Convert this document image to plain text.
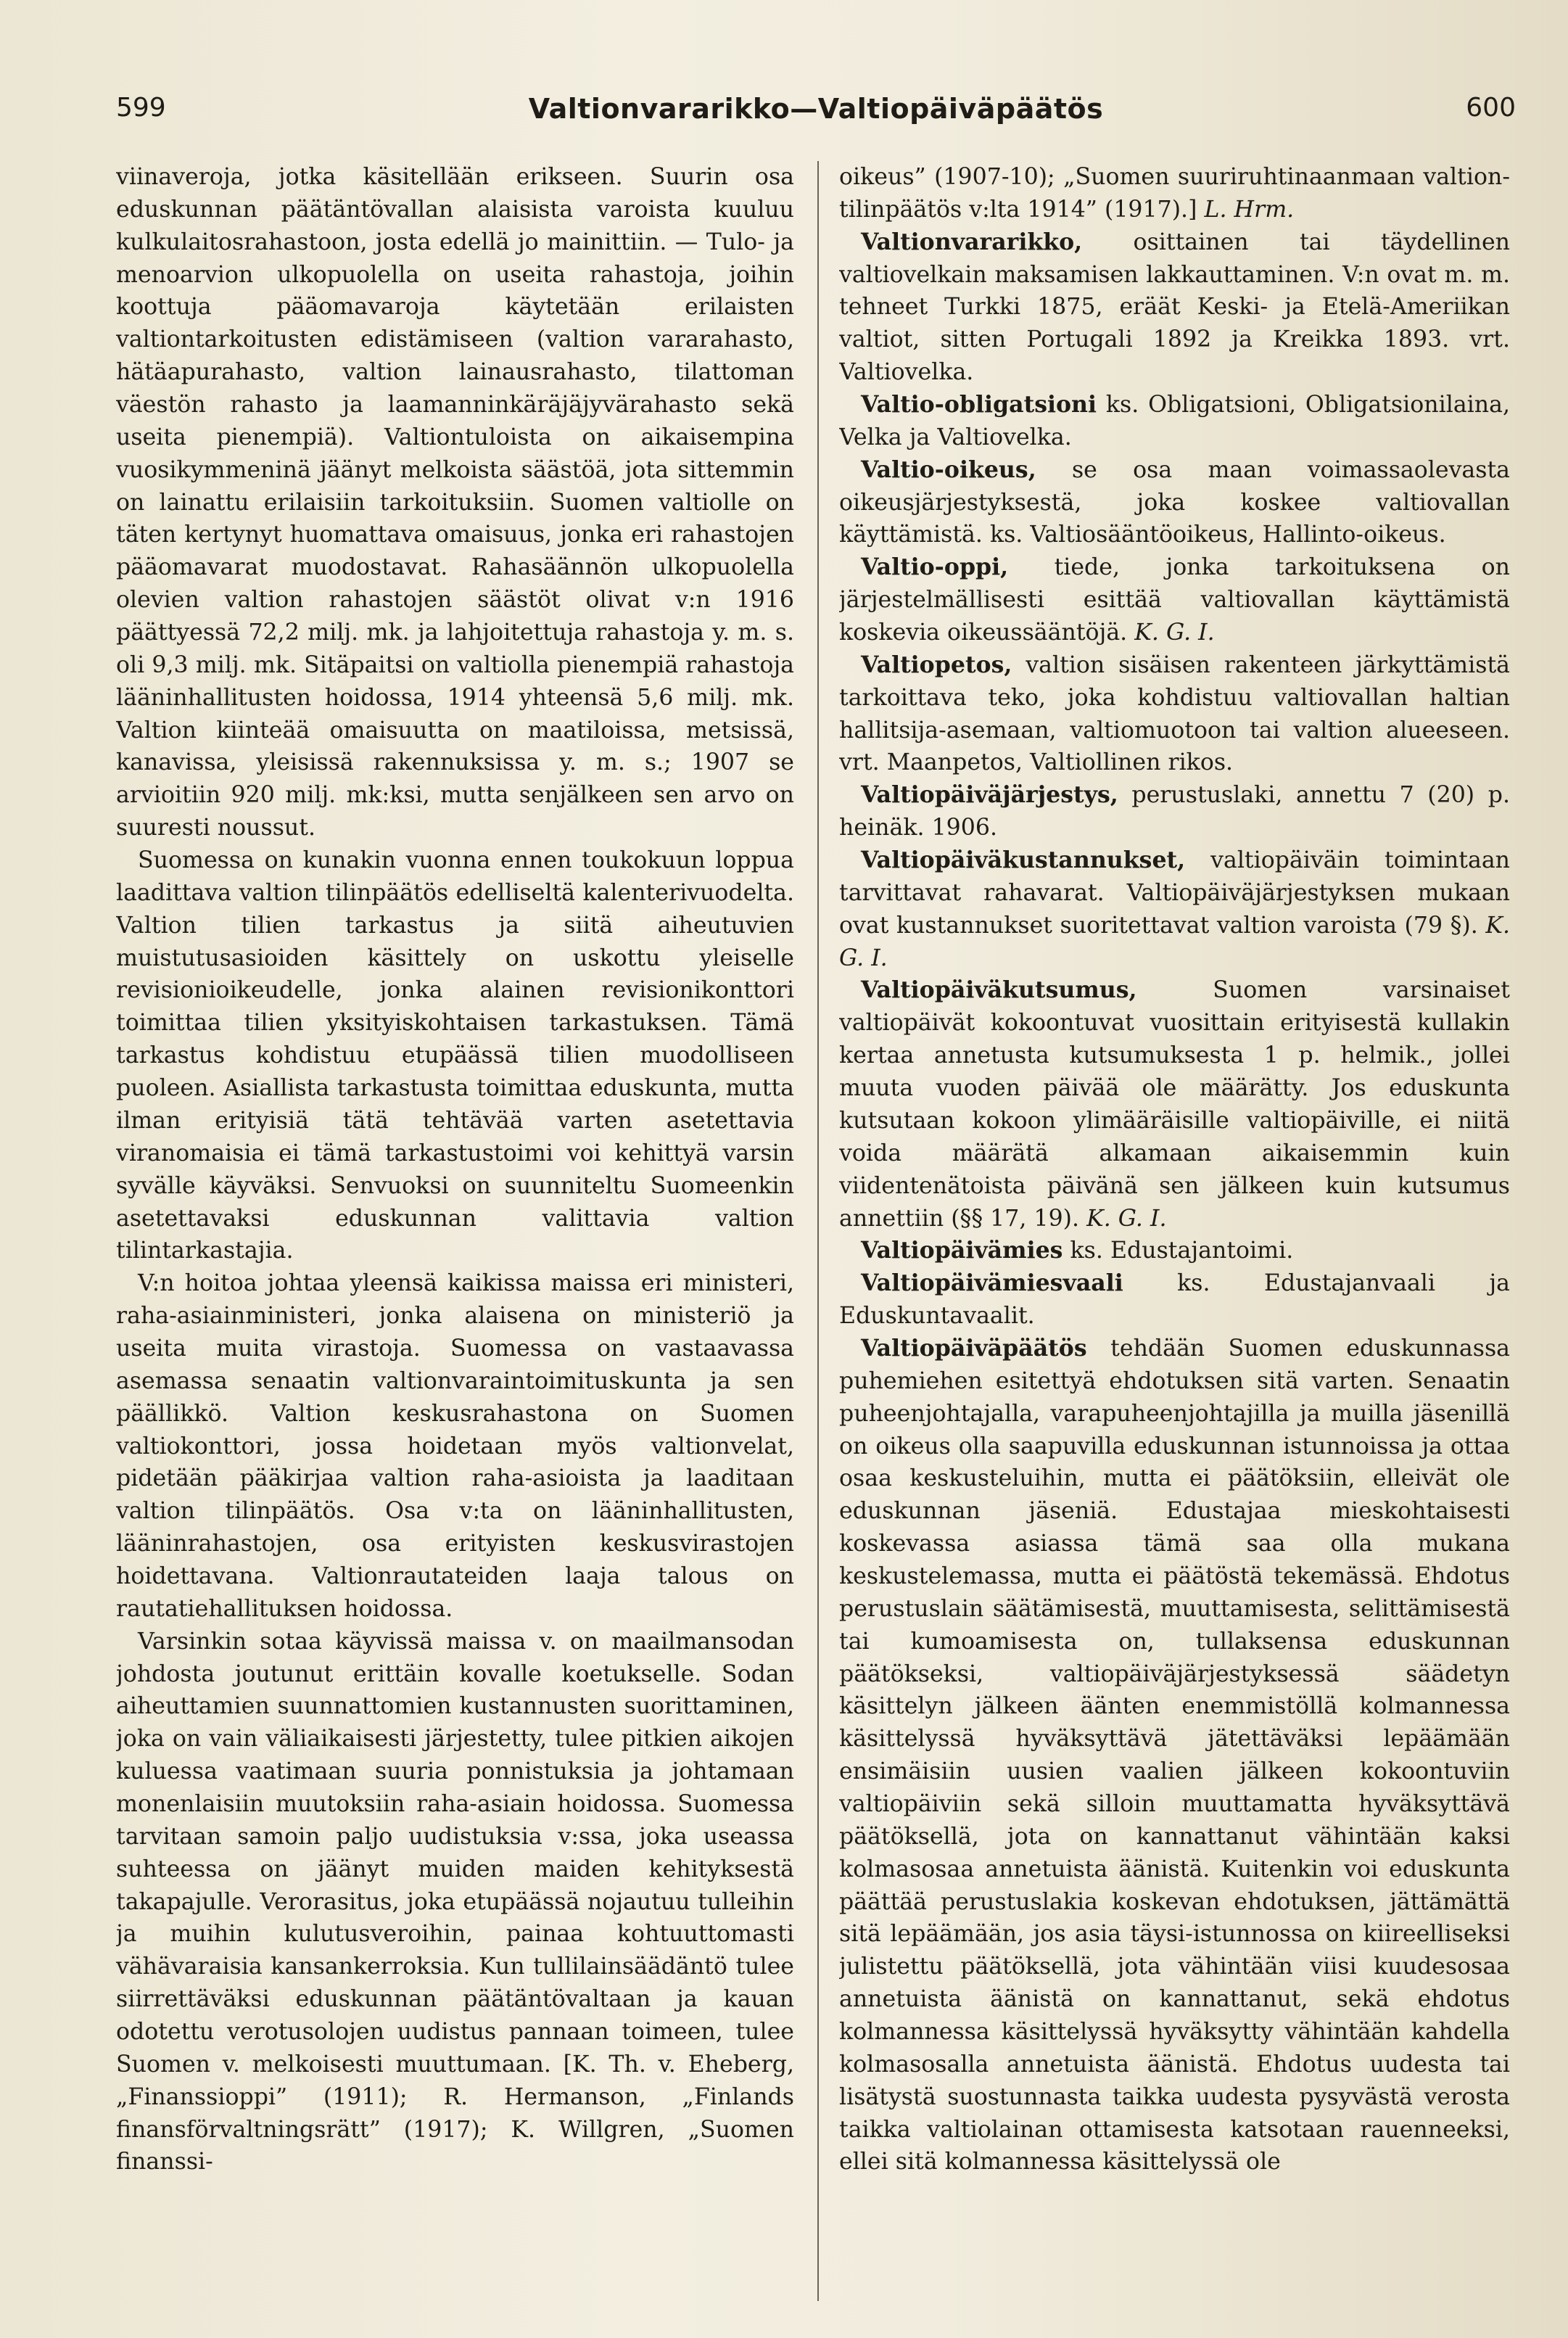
599	Valtionvararikko—Valtiopäiväpäätös	600

viinaveroja, jotka käsitellään erikseen. Suurin osa eduskunnan päätäntövallan alaisista varoista kuuluu kulkulaitosrahastoon, josta edellä jo mainittiin. — Tulo- ja menoarvion ulkopuolella on useita rahastoja, joihin koottuja pääomavaroja käytetään erilaisten valtiontarkoitusten edistämiseen (valtion vararahasto, hätäapurahasto, valtion lainausrahasto, tilattoman väestön rahasto ja laamanninkäräjäjyvärahasto sekä useita pienempiä). Valtiontuloista on aikaisempina vuosikymmeninä jäänyt melkoista säästöä, jota sittemmin on lainattu erilaisiin tarkoituksiin. Suomen valtiolle on täten kertynyt huomattava omaisuus, jonka eri rahastojen pääomavarat muodostavat. Rahasäännön ulkopuolella olevien valtion rahastojen säästöt olivat v:n 1916 päättyessä 72,2 milj. mk. ja lahjoitettuja rahastoja y. m. s. oli 9,3 milj. mk. Sitäpaitsi on valtiolla pienempiä rahastoja lääninhallitusten hoidossa, 1914 yhteensä 5,6 milj. mk. Valtion kiinteää omaisuutta on maatiloissa, metsissä, kanavissa, yleisissä rakennuksissa y. m. s.; 1907 se arvioitiin 920 milj. mk:ksi, mutta senjälkeen sen arvo on suuresti noussut.

Suomessa on kunakin vuonna ennen toukokuun loppua laadittava valtion tilinpäätös edelliseltä kalenterivuodelta. Valtion tilien tarkastus ja siitä aiheutuvien muistutusasioiden käsittely on uskottu yleiselle revisionioikeudelle, jonka alainen revisionikonttori toimittaa tilien yksityiskohtaisen tarkastuksen. Tämä tarkastus kohdistuu etupäässä tilien muodolliseen puoleen. Asiallista tarkastusta toimittaa eduskunta, mutta ilman erityisiä tätä tehtävää varten asetettavia viranomaisia ei tämä tarkastustoimi voi kehittyä varsin syvälle käyväksi. Senvuoksi on suunniteltu Suomeenkin asetettavaksi eduskunnan valittavia valtion tilintarkastajia.

V:n hoitoa johtaa yleensä kaikissa maissa eri ministeri, raha-asiainministeri, jonka alaisena on ministeriö ja useita muita virastoja. Suomessa on vastaavassa asemassa senaatin valtionvaraintoimituskunta ja sen päällikkö. Valtion keskusrahastona on Suomen valtiokonttori, jossa hoidetaan myös valtionvelat, pidetään pääkirjaa valtion raha-asioista ja laaditaan valtion tilinpäätös. Osa v:ta on lääninhallitusten, lääninrahastojen, osa erityisten keskusvirastojen hoidettavana. Valtionrautateiden laaja talous on rautatiehallituksen hoidossa.

Varsinkin sotaa käyvissä maissa v. on maailmansodan johdosta joutunut erittäin kovalle koetukselle. Sodan aiheuttamien suunnattomien kustannusten suorittaminen, joka on vain väliaikaisesti järjestetty, tulee pitkien aikojen kuluessa vaatimaan suuria ponnistuksia ja johtamaan monenlaisiin muutoksiin raha-asiain hoidossa. Suomessa tarvitaan samoin paljo uudistuksia v:ssa, joka useassa suhteessa on jäänyt muiden maiden kehityksestä takapajulle. Verorasitus, joka etupäässä nojautuu tulleihin ja muihin kulutusveroihin, painaa kohtuuttomasti vähävaraisia kansankerroksia. Kun tullilainsäädäntö tulee siirrettäväksi eduskunnan päätäntövaltaan ja kauan odotettu verotusolojen uudistus pannaan toimeen, tulee Suomen v. melkoisesti muuttumaan. [K. Th. v. Eheberg, „Finanssioppi” (1911); R. Hermanson, „Finlands finansförvaltningsrätt” (1917); K. Willgren, „Suomen finanssi-

oikeus” (1907-10); „Suomen suuriruhtinaanmaan valtion-tilinpäätös v:lta 1914” (1917).] L. Hrm.

Valtionvararikko, osittainen tai täydellinen valtiovelkain maksamisen lakkauttaminen. V:n ovat m. m. tehneet Turkki 1875, eräät Keski- ja Etelä-Ameriikan valtiot, sitten Portugali 1892 ja Kreikka 1893. vrt. Valtiovelka.

Valtio-obligatsioni ks. Obligatsioni, Obligatsionilaina, Velka ja Valtiovelka.

Valtio-oikeus, se osa maan voimassaolevasta oikeusjärjestyksestä, joka koskee valtiovallan käyttämistä. ks. Valtiosääntöoikeus, Hallinto-oikeus.

Valtio-oppi, tiede, jonka tarkoituksena on järjestelmällisesti esittää valtiovallan käyttämistä koskevia oikeussääntöjä. K. G. I.

Valtiopetos, valtion sisäisen rakenteen järkyttämistä tarkoittava teko, joka kohdistuu valtiovallan haltian hallitsija-asemaan, valtiomuotoon tai valtion alueeseen. vrt. Maanpetos, Valtiollinen rikos.

Valtiopäiväjärjestys, perustuslaki, annettu 7 (20) p. heinäk. 1906.

Valtiopäiväkustannukset, valtiopäiväin toimintaan tarvittavat rahavarat. Valtiopäiväjärjestyksen mukaan ovat kustannukset suoritettavat valtion varoista (79 §). K. G. I.

Valtiopäiväkutsumus,	Suomen varsinaiset valtiopäivät kokoontuvat vuosittain erityisestä kullakin kertaa annetusta kutsumuksesta 1 p. helmik., jollei muuta vuoden päivää ole määrätty. Jos eduskunta kutsutaan kokoon ylimääräisille valtiopäiville, ei niitä voida määrätä alkamaan aikaisemmin kuin viidentenätoista päivänä sen jälkeen kuin kutsumus annettiin (§§ 17, 19). K. G. I.

Valtiopäivämies ks. Edustajantoimi.

Valtiopäivämiesvaali ks. Edustajanvaali ja Eduskuntavaalit.

Valtiopäiväpäätös tehdään Suomen eduskunnassa puhemiehen esitettyä ehdotuksen sitä varten. Senaatin puheenjohtajalla, varapuheenjohtajilla ja muilla jäsenillä on oikeus olla saapuvilla eduskunnan istunnoissa ja ottaa osaa keskusteluihin, mutta ei päätöksiin, elleivät ole eduskunnan jäseniä. Edustajaa mieskohtaisesti koskevassa asiassa tämä saa olla mukana keskustelemassa, mutta ei päätöstä tekemässä. Ehdotus perustuslain säätämisestä, muuttamisesta, selittämisestä tai kumoamisesta on, tullaksensa eduskunnan päätökseksi, valtiopäiväjärjestyksessä säädetyn käsittelyn jälkeen äänten enemmistöllä kolmannessa käsittelyssä hyväksyttävä jätettäväksi lepäämään ensimäisiin uusien vaalien jälkeen kokoontuviin valtiopäiviin sekä silloin muuttamatta hyväksyttävä päätöksellä, jota on kannattanut vähintään kaksi kolmasosaa annetuista äänistä. Kuitenkin voi eduskunta päättää perustuslakia koskevan ehdotuksen, jättämättä sitä lepäämään, jos asia täysi-istunnossa on kiireelliseksi julistettu päätöksellä, jota vähintään viisi kuudesosaa annetuista äänistä on kannattanut, sekä ehdotus kolmannessa käsittelyssä hyväksytty vähintään kahdella kolmasosalla annetuista äänistä. Ehdotus uudesta tai lisätystä suostunnasta taikka uudesta pysyvästä verosta taikka valtiolainan ottamisesta katsotaan rauenneeksi, ellei sitä kolmannessa käsittelyssä ole
